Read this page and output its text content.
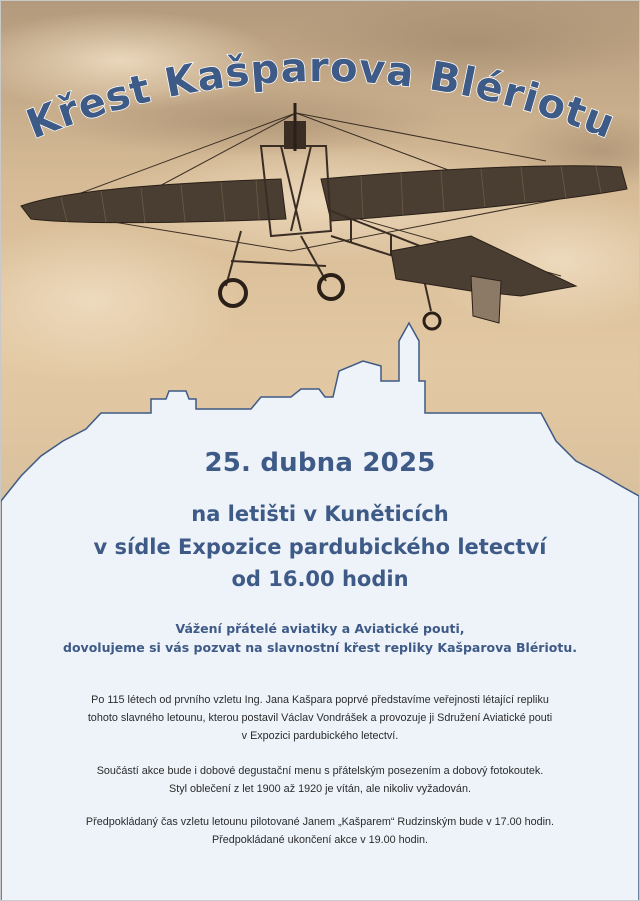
Křest Kašparova Blériotu
25. dubna 2025
na letišti v Kuněticích
v sídle Expozice pardubického letectví
od 16.00 hodin
Vážení přátelé aviatiky a Aviatické pouti,
dovolujeme si vás pozvat na slavnostní křest repliky Kašparova Blériotu.
Po 115 létech od prvního vzletu Ing. Jana Kašpara poprvé představíme veřejnosti létající repliku
tohoto slavného letounu, kterou postavil Václav Vondrášek a provozuje ji Sdružení Aviatické pouti
v Expozici pardubického letectví.
Součástí akce bude i dobové degustační menu s přátelským posezením a dobový fotokoutek.
Styl oblečení z let 1900 až 1920 je vítán, ale nikoliv vyžadován.
Předpokládaný čas vzletu letounu pilotované Janem „Kašparem“ Rudzinským bude v 17.00 hodin.
Předpokládané ukončení akce v 19.00 hodin.
